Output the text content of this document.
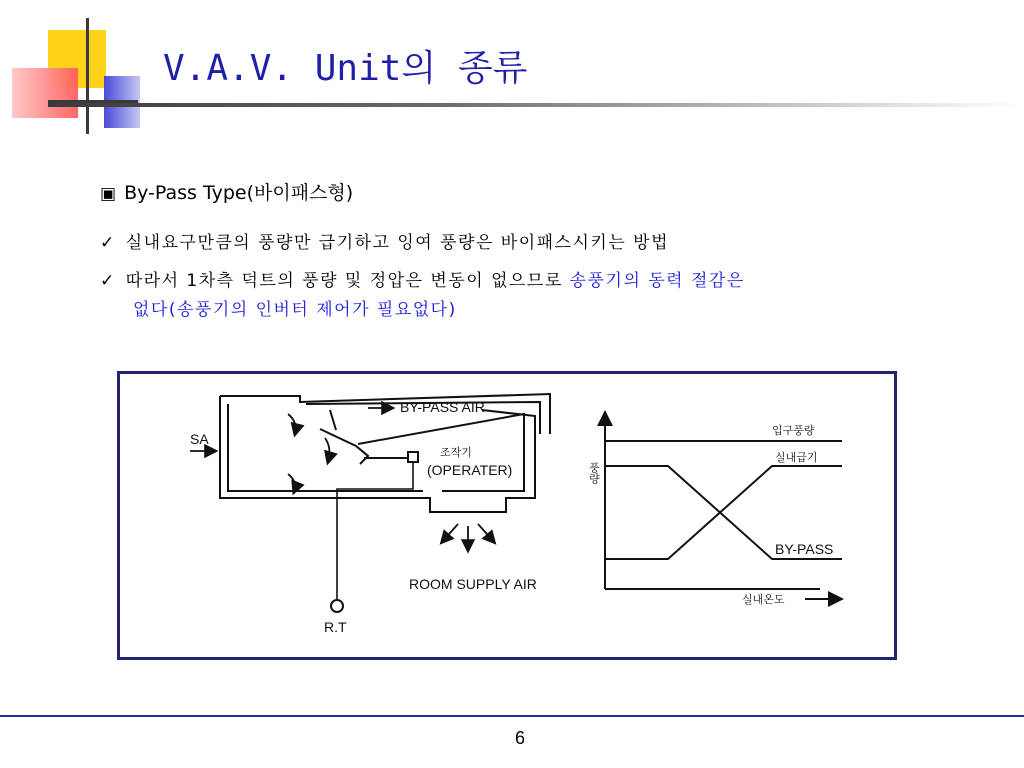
V.A.V. Unit의 종류
▣ By-Pass Type(바이패스형)
✓ 실내요구만큼의 풍량만 급기하고 잉여 풍량은 바이패스시키는 방법
✓ 따라서 1차측 덕트의 풍량 및 정압은 변동이 없으므로 송풍기의 동력 절감은
없다(송풍기의 인버터 제어가 필요없다)
SA
BY-PASS AIR
조작기
(OPERATER)
ROOM SUPPLY AIR
R.T
풍량
입구풍량
실내급기
BY-PASS
실내온도
6
